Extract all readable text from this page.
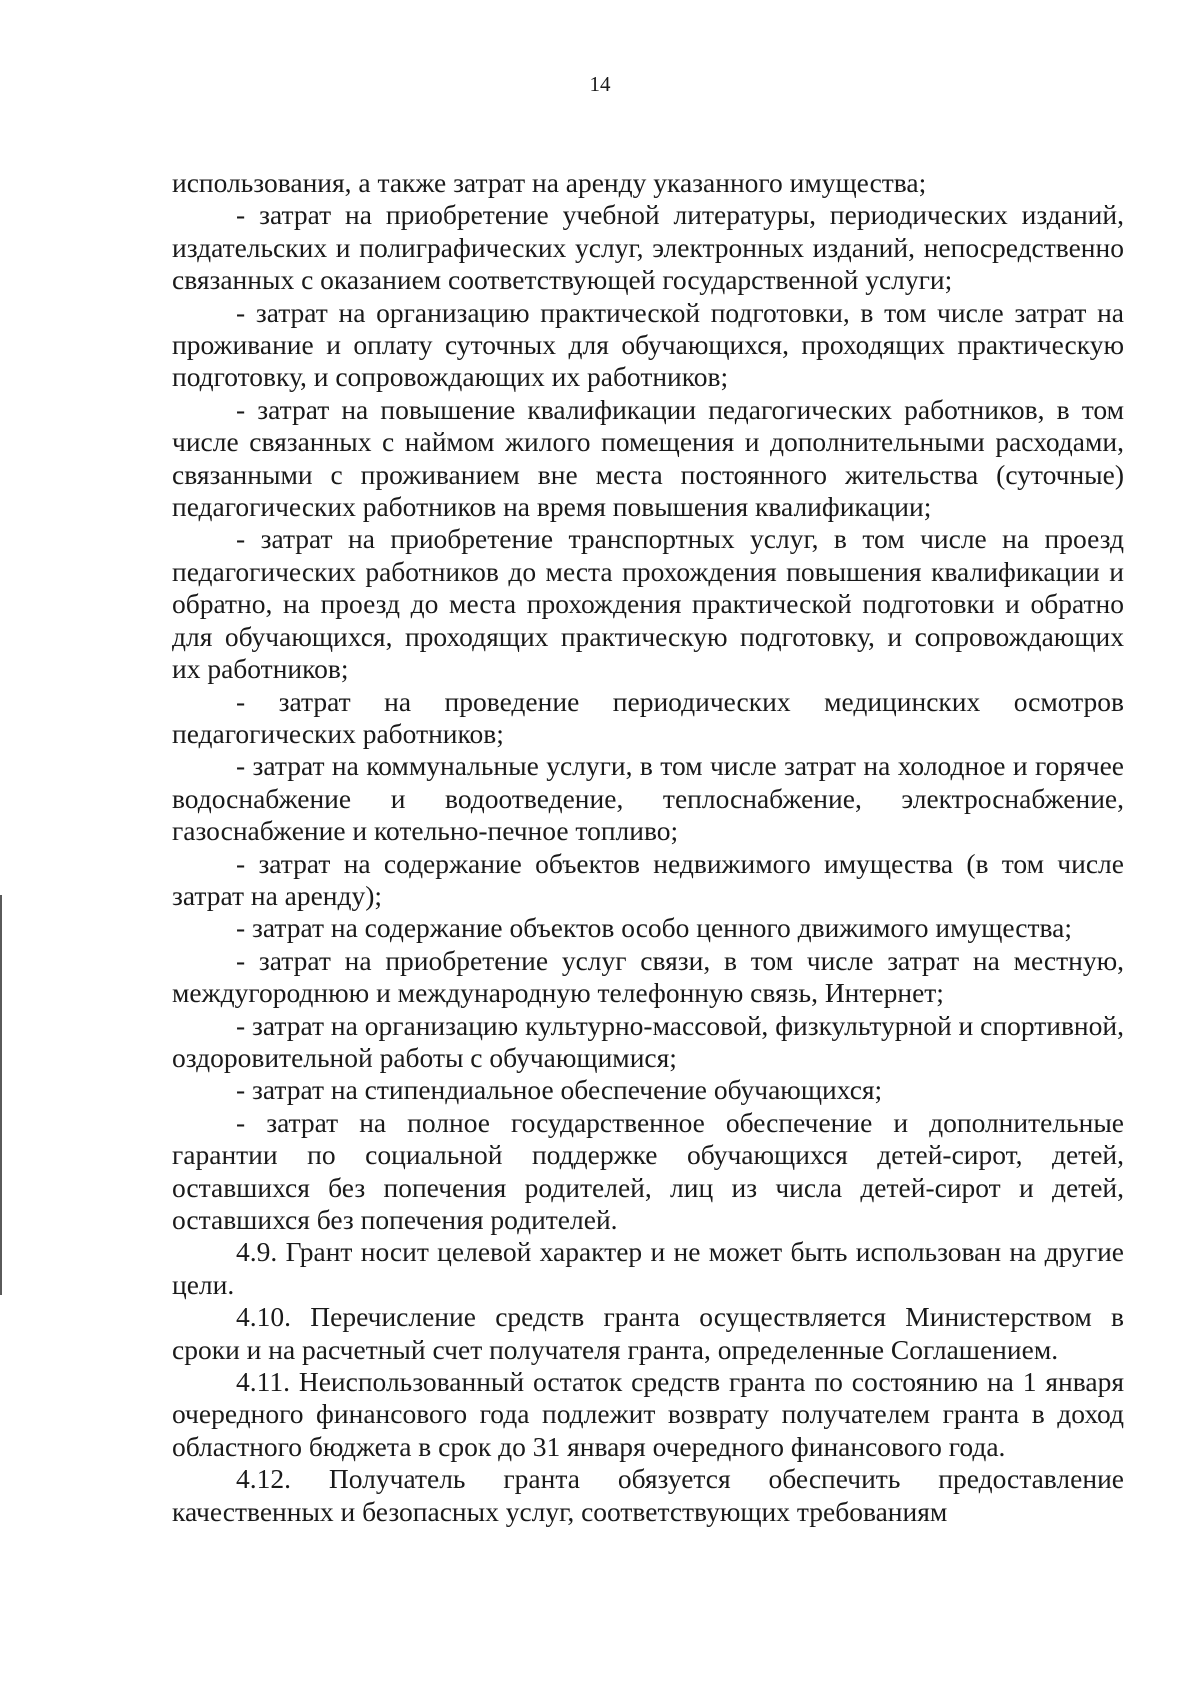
14

использования, а также затрат на аренду указанного имущества;

- затрат на приобретение учебной литературы, периодических изданий, издательских и полиграфических услуг, электронных изданий, непосредственно связанных с оказанием соответствующей государственной услуги;

- затрат на организацию практической подготовки, в том числе затрат на проживание и оплату суточных для обучающихся, проходящих практическую подготовку, и сопровождающих их работников;

- затрат на повышение квалификации педагогических работников, в том числе связанных с наймом жилого помещения и дополнительными расходами, связанными с проживанием вне места постоянного жительства (суточные) педагогических работников на время повышения квалификации;

- затрат на приобретение транспортных услуг, в том числе на проезд педагогических работников до места прохождения повышения квалификации и обратно, на проезд до места прохождения практической подготовки и обратно для обучающихся, проходящих практическую подготовку, и сопровождающих их работников;

- затрат на проведение периодических медицинских осмотров педагогических работников;

- затрат на коммунальные услуги, в том числе затрат на холодное и горячее водоснабжение и водоотведение, теплоснабжение, электроснабжение, газоснабжение и котельно-печное топливо;

- затрат на содержание объектов недвижимого имущества (в том числе затрат на аренду);

- затрат на содержание объектов особо ценного движимого имущества;

- затрат на приобретение услуг связи, в том числе затрат на местную, междугороднюю и международную телефонную связь, Интернет;

- затрат на организацию культурно-массовой, физкультурной и спортивной, оздоровительной работы с обучающимися;

- затрат на стипендиальное обеспечение обучающихся;

- затрат на полное государственное обеспечение и дополнительные гарантии по социальной поддержке обучающихся детей-сирот, детей, оставшихся без попечения родителей, лиц из числа детей-сирот и детей, оставшихся без попечения родителей.

4.9. Грант носит целевой характер и не может быть использован на другие цели.

4.10. Перечисление средств гранта осуществляется Министерством в сроки и на расчетный счет получателя гранта, определенные Соглашением.

4.11. Неиспользованный остаток средств гранта по состоянию на 1 января очередного финансового года подлежит возврату получателем гранта в доход областного бюджета в срок до 31 января очередного финансового года.

4.12. Получатель гранта обязуется обеспечить предоставление качественных и безопасных услуг, соответствующих требованиям
